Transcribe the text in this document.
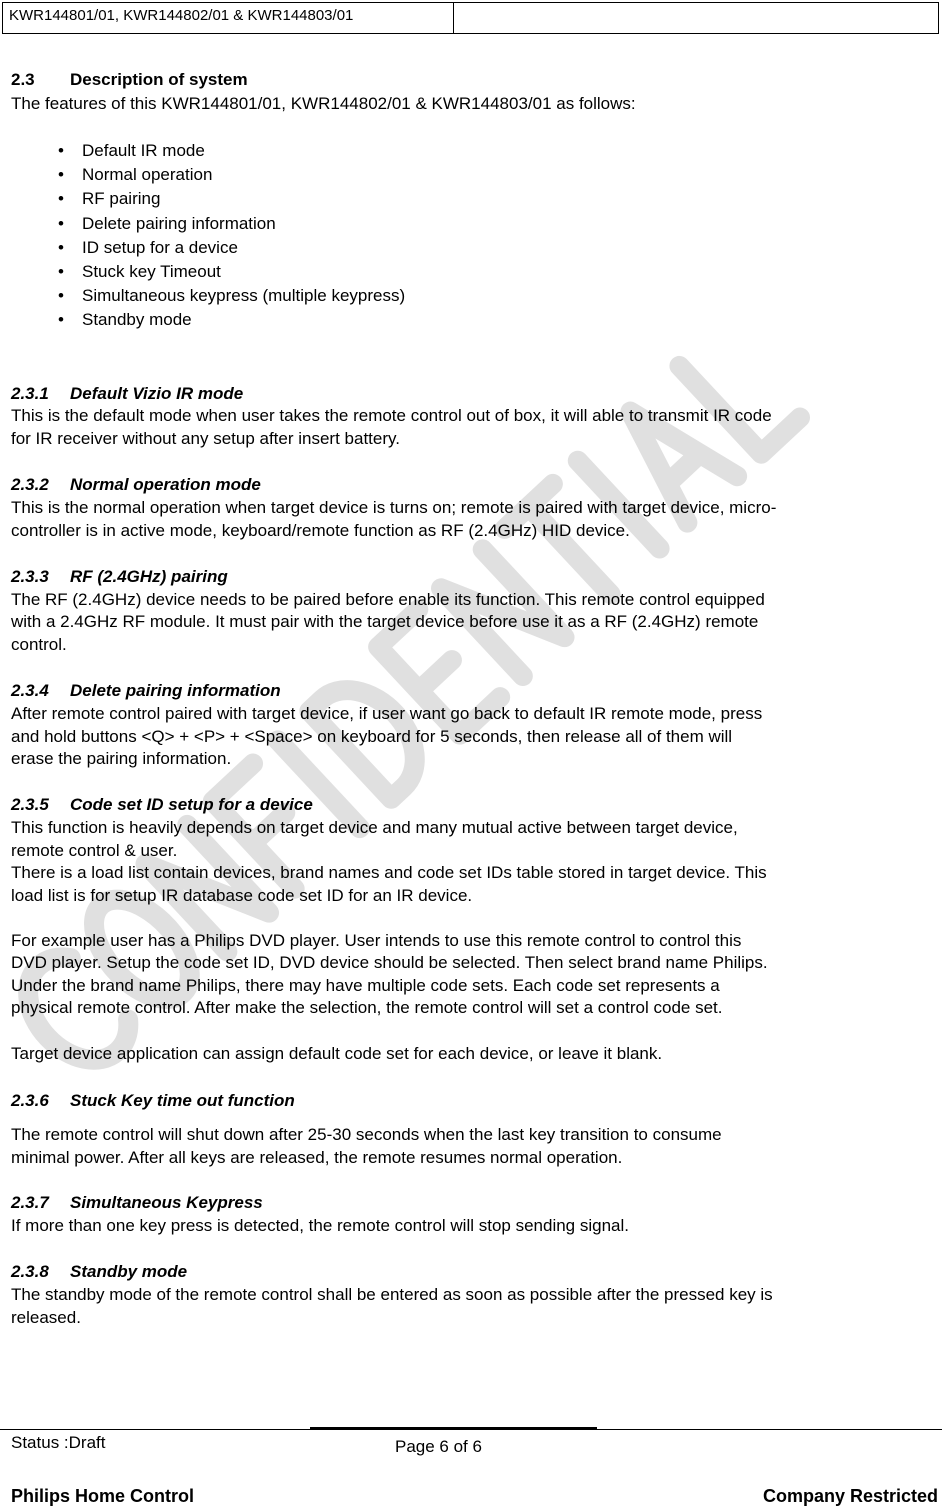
KWR144801/01, KWR144802/01 & KWR144803/01
2.3 Description of system
The features of this KWR144801/01, KWR144802/01 & KWR144803/01 as follows:
Status :Draft	Page 6 of 6
Philips Home Control	Company Restricted
• Default IR mode
• Normal operation
• RF pairing
• Delete pairing information
• ID setup for a device
• Stuck key Timeout
• Simultaneous keypress (multiple keypress)
• Standby mode
2.3.1 Default Vizio IR mode
This is the default mode when user takes the remote control out of box, it will able to transmit IR code
for IR receiver without any setup after insert battery.
2.3.2 Normal operation mode
This is the normal operation when target device is turns on; remote is paired with target device, micro-
controller is in active mode, keyboard/remote function as RF (2.4GHz) HID device.
2.3.3 RF (2.4GHz) pairing
The RF (2.4GHz) device needs to be paired before enable its function. This remote control equipped
with a 2.4GHz RF module. It must pair with the target device before use it as a RF (2.4GHz) remote
control.
2.3.4 Delete pairing information
After remote control paired with target device, if user want go back to default IR remote mode, press
and hold buttons <Q> + <P> + <Space> on keyboard for 5 seconds, then release all of them will
erase the pairing information.
2.3.5 Code set ID setup for a device
This function is heavily depends on target device and many mutual active between target device,
remote control & user.
There is a load list contain devices, brand names and code set IDs table stored in target device. This
load list is for setup IR database code set ID for an IR device.
For example user has a Philips DVD player. User intends to use this remote control to control this
DVD player. Setup the code set ID, DVD device should be selected. Then select brand name Philips.
Under the brand name Philips, there may have multiple code sets. Each code set represents a
physical remote control. After make the selection, the remote control will set a control code set.
Target device application can assign default code set for each device, or leave it blank.
2.3.6 Stuck Key time out function
The remote control will shut down after 25-30 seconds when the last key transition to consume
minimal power. After all keys are released, the remote resumes normal operation.
2.3.7 Simultaneous Keypress
If more than one key press is detected, the remote control will stop sending signal.
2.3.8 Standby mode
The standby mode of the remote control shall be entered as soon as possible after the pressed key is
released.
